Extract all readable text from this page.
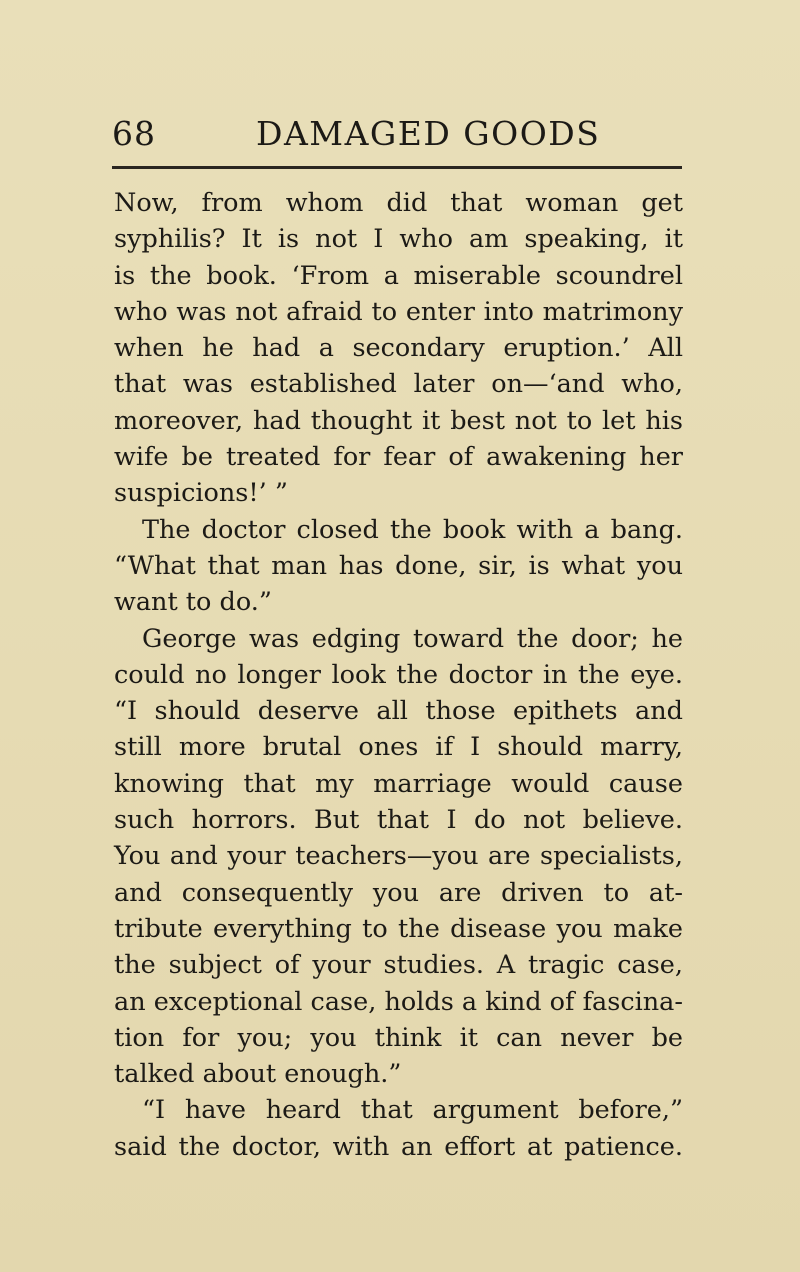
68	DAMAGED GOODS
Now, from whom did that woman get
syphilis? It is not I who am speaking, it
is the book. ‘From a miserable scoundrel
who was not afraid to enter into matrimony
when he had a secondary eruption.’ All
that was established later on—‘and who,
moreover, had thought it best not to let his
wife be treated for fear of awakening her
suspicions!’ ”
The doctor closed the book with a bang.
“What that man has done, sir, is what you
want to do.”
George was edging toward the door; he
could no longer look the doctor in the eye.
“I should deserve all those epithets and
still more brutal ones if I should marry,
knowing that my marriage would cause
such horrors. But that I do not believe.
You and your teachers—you are specialists,
and consequently you are driven to at-
tribute everything to the disease you make
the subject of your studies. A tragic case,
an exceptional case, holds a kind of fascina-
tion for you; you think it can never be
talked about enough.”
“I have heard that argument before,”
said the doctor, with an effort at patience.
